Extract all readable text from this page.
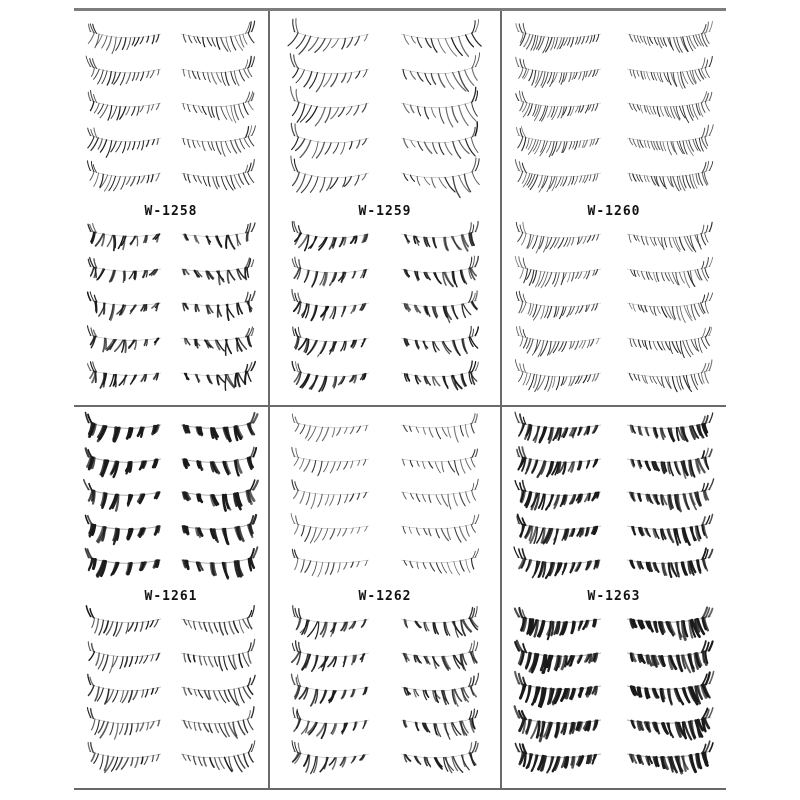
W-1258	W-1259	W-1260
W-1261	W-1262	W-1263
